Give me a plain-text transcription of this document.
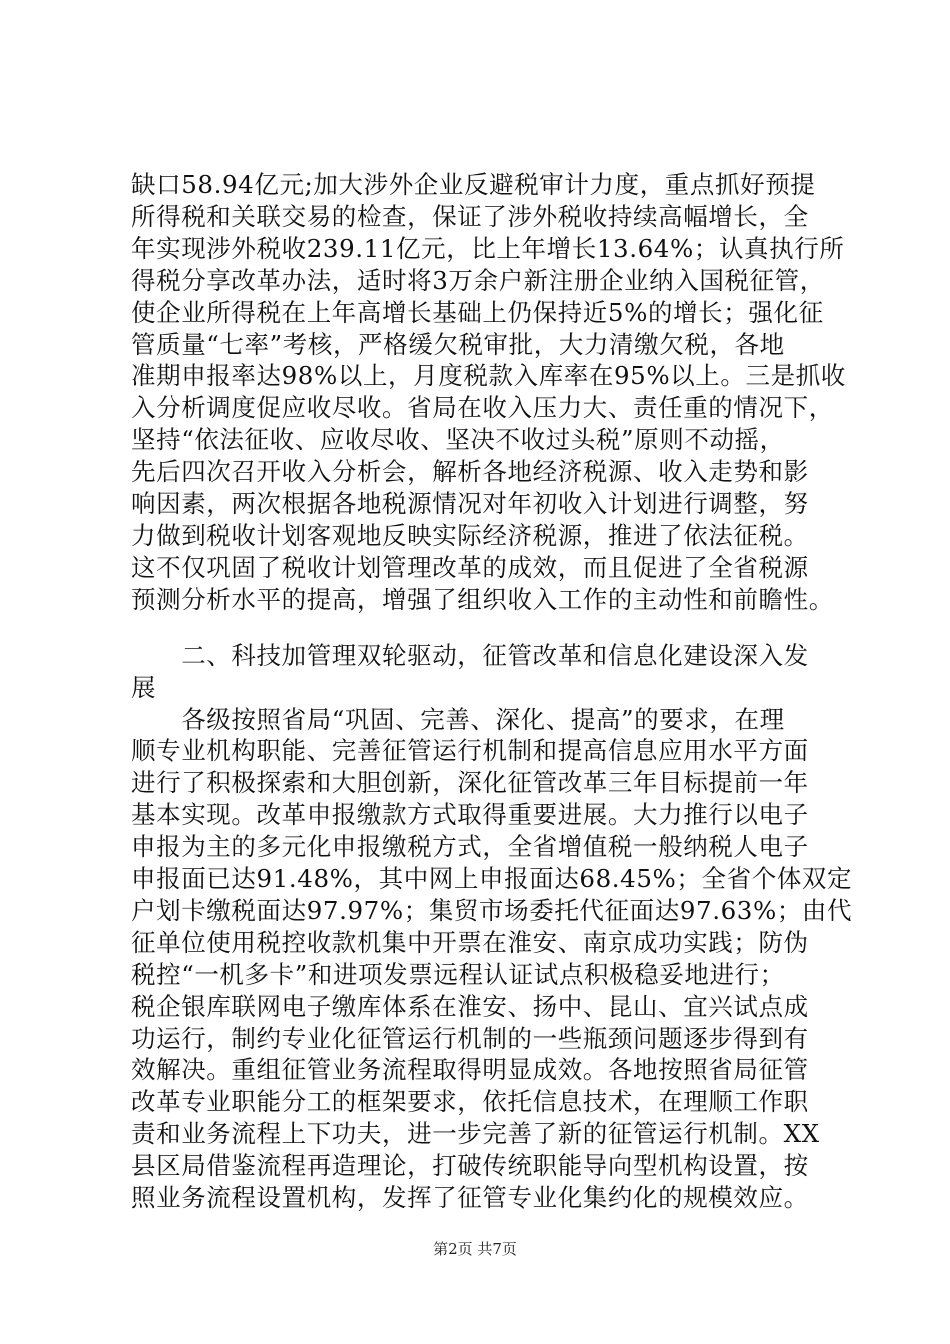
缺口58.94亿元;加大涉外企业反避税审计力度，重点抓好预提
所得税和关联交易的检查，保证了涉外税收持续高幅增长，全
年实现涉外税收239.11亿元，比上年增长13.64%；认真执行所
得税分享改革办法，适时将3万余户新注册企业纳入国税征管，
使企业所得税在上年高增长基础上仍保持近5%的增长；强化征
管质量“七率”考核，严格缓欠税审批，大力清缴欠税，各地
准期申报率达98%以上，月度税款入库率在95%以上。三是抓收
入分析调度促应收尽收。省局在收入压力大、责任重的情况下，
坚持“依法征收、应收尽收、坚决不收过头税”原则不动摇，
先后四次召开收入分析会，解析各地经济税源、收入走势和影
响因素，两次根据各地税源情况对年初收入计划进行调整，努
力做到税收计划客观地反映实际经济税源，推进了依法征税。
这不仅巩固了税收计划管理改革的成效，而且促进了全省税源
预测分析水平的提高，增强了组织收入工作的主动性和前瞻性。
　　二、科技加管理双轮驱动，征管改革和信息化建设深入发
展
　　各级按照省局“巩固、完善、深化、提高”的要求，在理
顺专业机构职能、完善征管运行机制和提高信息应用水平方面
进行了积极探索和大胆创新，深化征管改革三年目标提前一年
基本实现。改革申报缴款方式取得重要进展。大力推行以电子
申报为主的多元化申报缴税方式，全省增值税一般纳税人电子
申报面已达91.48%，其中网上申报面达68.45%；全省个体双定
户划卡缴税面达97.97%；集贸市场委托代征面达97.63%；由代
征单位使用税控收款机集中开票在淮安、南京成功实践；防伪
税控“一机多卡”和进项发票远程认证试点积极稳妥地进行；
税企银库联网电子缴库体系在淮安、扬中、昆山、宜兴试点成
功运行，制约专业化征管运行机制的一些瓶颈问题逐步得到有
效解决。重组征管业务流程取得明显成效。各地按照省局征管
改革专业职能分工的框架要求，依托信息技术，在理顺工作职
责和业务流程上下功夫，进一步完善了新的征管运行机制。XX
县区局借鉴流程再造理论，打破传统职能导向型机构设置，按
照业务流程设置机构，发挥了征管专业化集约化的规模效应。
第2页 共7页
